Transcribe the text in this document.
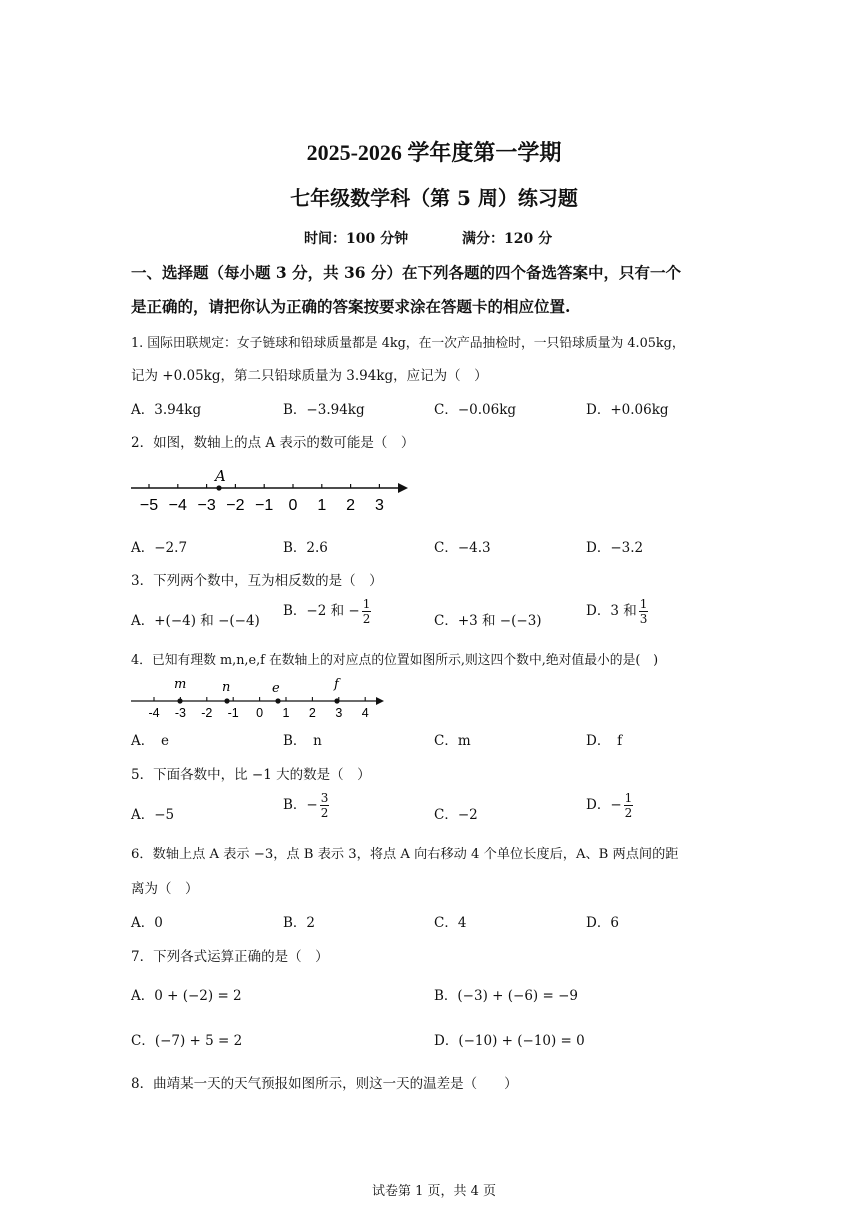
2025-2026 学年度第一学期
七年级数学科（第 5 周）练习题
时间：100 分钟	满分：120 分
一、选择题（每小题 3 分，共 36 分）在下列各题的四个备选答案中，只有一个
是正确的，请把你认为正确的答案按要求涂在答题卡的相应位置.
1. 国际田联规定：女子链球和铅球质量都是 4kg，在一次产品抽检时，一只铅球质量为 4.05kg，
记为 +0.05kg，第二只铅球质量为 3.94kg，应记为（　）
A．3.94kg	B．−3.94kg	C．−0.06kg	D．+0.06kg
2．如图，数轴上的点 A 表示的数可能是（　）
−5 −4 −3 −2 −1 0 1 2 3
A
A．−2.7	B．2.6	C．−4.3	D．−3.2
3．下列两个数中，互为相反数的是（　）
A．+(−4) 和 −(−4)
B．−2 和 − $\frac{1}{2}$	C．+3 和 −(−3)
D．3 和 $\frac{1}{3}$
4．已知有理数 m,n,e,f 在数轴上的对应点的位置如图所示,则这四个数中,绝对值最小的是(　)
-4 -3 -2 -1 0 1 2 3 4
m	n	e	f
A．　e	B．　n	C．m	D．　f
5．下面各数中，比 −1 大的数是（　）
A．−5
B．− $\frac{3}{2}$	C．−2
D．− $\frac{1}{2}$
6．数轴上点 A 表示 −3，点 B 表示 3，将点 A 向右移动 4 个单位长度后，A、B 两点间的距
离为（　）
A．0	B．2	C．4	D．6
7．下列各式运算正确的是（　）
A．0 + (−2) = 2	B．(−3) + (−6) = −9
C．(−7) + 5 = 2	D．(−10) + (−10) = 0
8．曲靖某一天的天气预报如图所示，则这一天的温差是（　　）
试卷第 1 页，共 4 页
